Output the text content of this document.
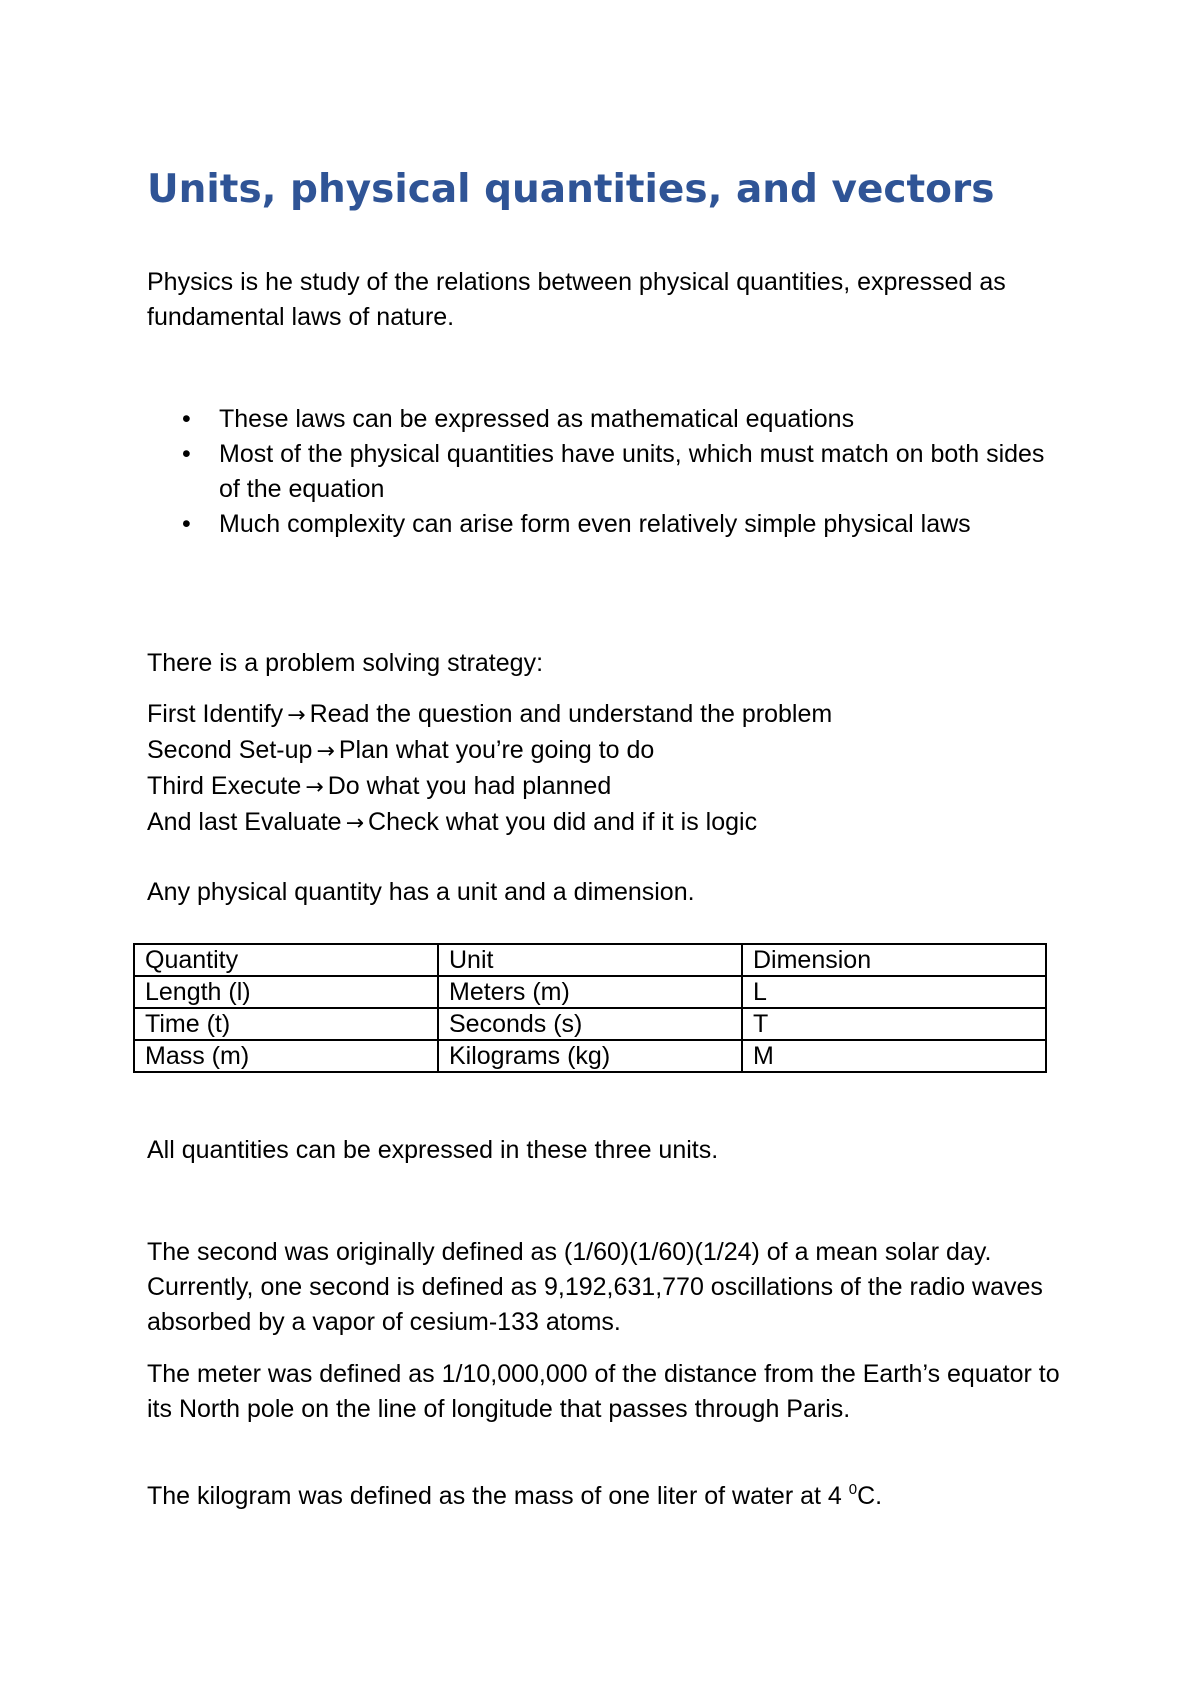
Units, physical quantities, and vectors

Physics is he study of the relations between physical quantities, expressed as fundamental laws of nature.

• These laws can be expressed as mathematical equations
• Most of the physical quantities have units, which must match on both sides of the equation
• Much complexity can arise form even relatively simple physical laws

There is a problem solving strategy:

First Identify → Read the question and understand the problem
Second Set-up → Plan what you’re going to do
Third Execute → Do what you had planned
And last Evaluate → Check what you did and if it is logic

Any physical quantity has a unit and a dimension.

Quantity	Unit	Dimension
Length (l)	Meters (m)	L
Time (t)	Seconds (s)	T
Mass (m)	Kilograms (kg)	M

All quantities can be expressed in these three units.

The second was originally defined as (1/60)(1/60)(1/24) of a mean solar day. Currently, one second is defined as 9,192,631,770 oscillations of the radio waves absorbed by a vapor of cesium-133 atoms.

The meter was defined as 1/10,000,000 of the distance from the Earth’s equator to its North pole on the line of longitude that passes through Paris.

The kilogram was defined as the mass of one liter of water at 4 $^0$C.
